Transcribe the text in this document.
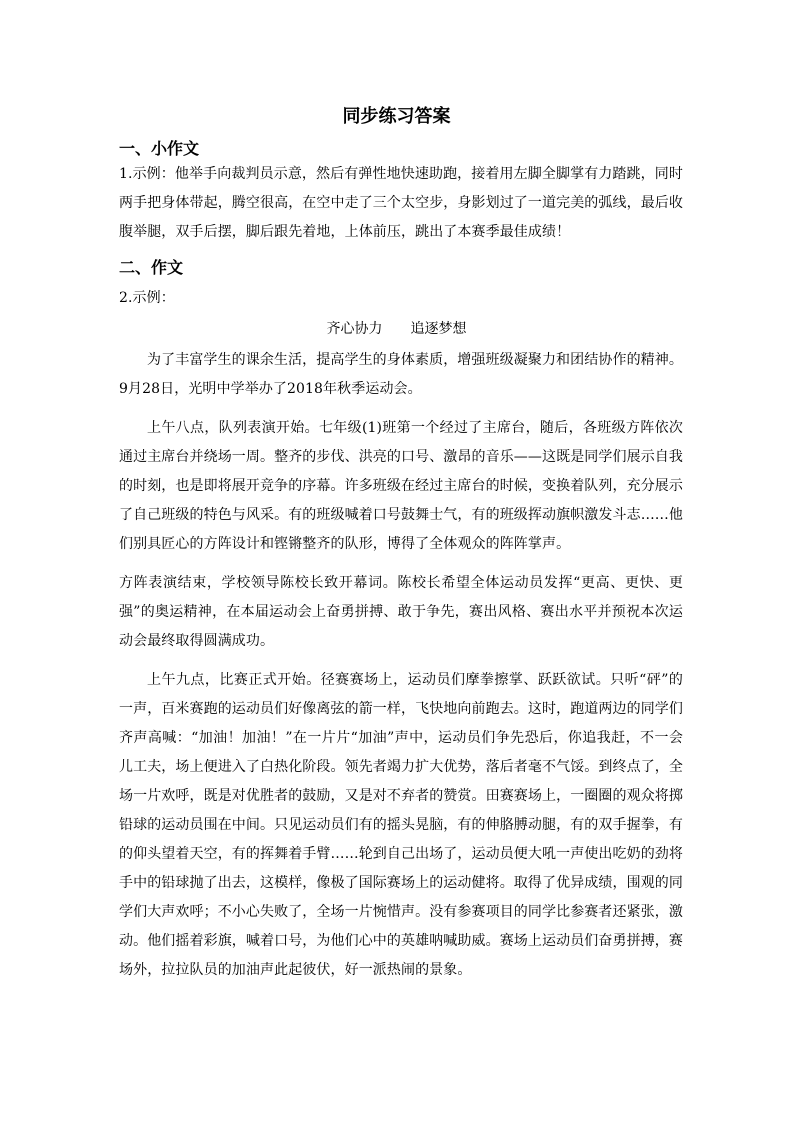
同步练习答案
一、小作文

1.示例：他举手向裁判员示意，然后有弹性地快速助跑，接着用左脚全脚掌有力踏跳，同时两手把身体带起，腾空很高，在空中走了三个太空步，身影划过了一道完美的弧线，最后收腹举腿，双手后摆，脚后跟先着地，上体前压，跳出了本赛季最佳成绩！

二、作文

2.示例：

齐心协力 追逐梦想

为了丰富学生的课余生活，提高学生的身体素质，增强班级凝聚力和团结协作的精神。9月28日，光明中学举办了2018年秋季运动会。

上午八点，队列表演开始。七年级(1)班第一个经过了主席台，随后，各班级方阵依次通过主席台并绕场一周。整齐的步伐、洪亮的口号、激昂的音乐——这既是同学们展示自我的时刻，也是即将展开竞争的序幕。许多班级在经过主席台的时候，变换着队列，充分展示了自己班级的特色与风采。有的班级喊着口号鼓舞士气，有的班级挥动旗帜激发斗志……他们别具匠心的方阵设计和铿锵整齐的队形，博得了全体观众的阵阵掌声。

方阵表演结束，学校领导陈校长致开幕词。陈校长希望全体运动员发挥“更高、更快、更强”的奥运精神，在本届运动会上奋勇拼搏、敢于争先，赛出风格、赛出水平并预祝本次运动会最终取得圆满成功。

上午九点，比赛正式开始。径赛赛场上，运动员们摩拳擦掌、跃跃欲试。只听“砰”的一声，百米赛跑的运动员们好像离弦的箭一样，飞快地向前跑去。这时，跑道两边的同学们齐声高喊：“加油！加油！”在一片片“加油”声中，运动员们争先恐后，你追我赶，不一会儿工夫，场上便进入了白热化阶段。领先者竭力扩大优势，落后者毫不气馁。到终点了，全场一片欢呼，既是对优胜者的鼓励，又是对不弃者的赞赏。田赛赛场上，一圈圈的观众将掷铅球的运动员围在中间。只见运动员们有的摇头晃脑，有的伸胳膊动腿，有的双手握拳，有的仰头望着天空，有的挥舞着手臂……轮到自己出场了，运动员便大吼一声使出吃奶的劲将手中的铅球抛了出去，这模样，像极了国际赛场上的运动健将。取得了优异成绩，围观的同学们大声欢呼；不小心失败了，全场一片惋惜声。没有参赛项目的同学比参赛者还紧张，激动。他们摇着彩旗，喊着口号，为他们心中的英雄呐喊助威。赛场上运动员们奋勇拼搏，赛场外，拉拉队员的加油声此起彼伏，好一派热闹的景象。
